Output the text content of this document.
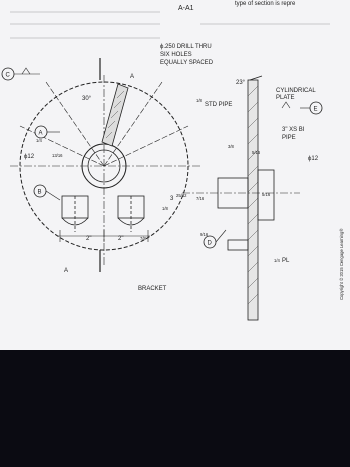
type of section is repre
A-A1
C
A
B
D
E
A
A
30°
ϕ12	13/16
1/4
2"	2"	7/8
1/8
BRACKET
ϕ.250 DRILL THRU
SIX HOLES
EQUALLY SPACED
23°
CYLINDRICAL
PLATE
3" XS BI
PIPE
STD PIPE
1/8
ϕ12
3
25/32
7/16
9/16
3/8
5/16
5/16
PL
1/4	Copyright © 2015 Cengage Learning®
